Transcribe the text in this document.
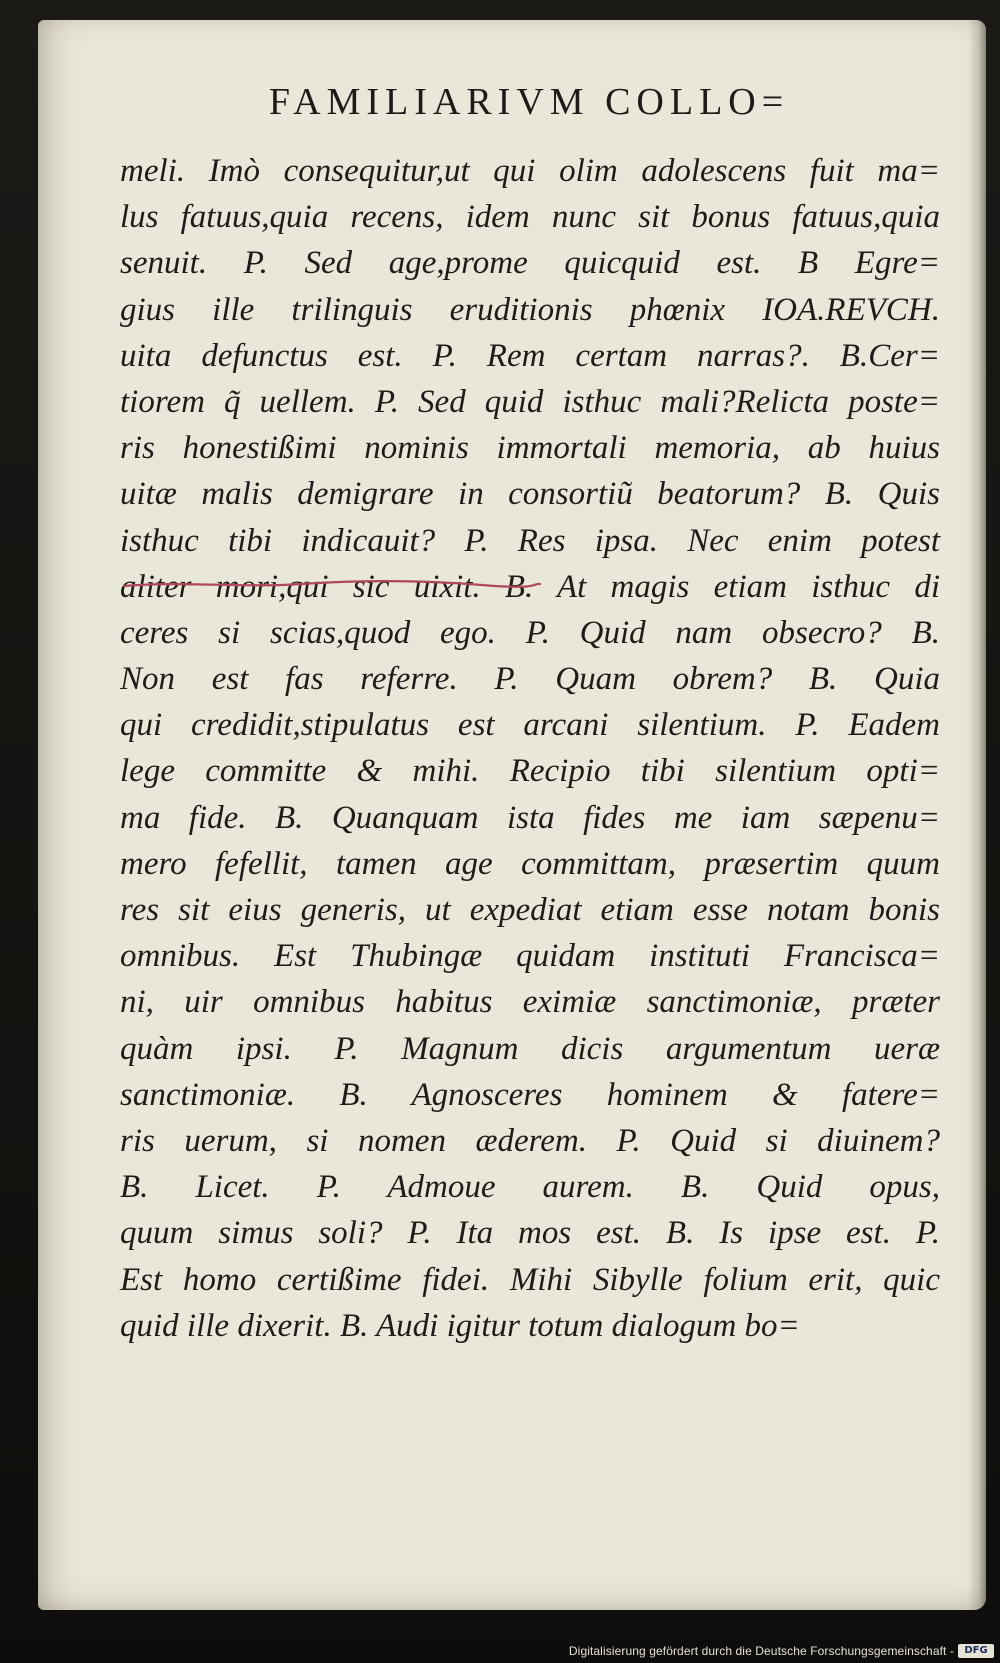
FAMILIARIVM COLLO=
meli. Imò consequitur,ut qui olim adolescens fuit ma=
lus fatuus,quia recens, idem nunc sit bonus fatuus,quia
senuit. P. Sed age,prome quicquid est. B Egre=
gius ille trilinguis eruditionis phœnix IOA.REVCH.
uita defunctus est. P. Rem certam narras?. B.Cer=
tiorem q̃ uellem. P. Sed quid isthuc mali?Relicta poste=
ris honestißimi nominis immortali memoria, ab huius
uitæ malis demigrare in consortiũ beatorum? B. Quis
isthuc tibi indicauit? P. Res ipsa. Nec enim potest
aliter mori,qui sic uixit. B. At magis etiam isthuc di
ceres si scias,quod ego. P. Quid nam obsecro? B.
Non est fas referre. P. Quam obrem? B. Quia
qui credidit,stipulatus est arcani silentium. P. Eadem
lege committe & mihi. Recipio tibi silentium opti=
ma fide. B. Quanquam ista fides me iam sæpenu=
mero fefellit, tamen age committam, præsertim quum
res sit eius generis, ut expediat etiam esse notam bonis
omnibus. Est Thubingæ quidam instituti Francisca=
ni, uir omnibus habitus eximiæ sanctimoniæ, præter
quàm ipsi. P. Magnum dicis argumentum ueræ
sanctimoniæ. B. Agnosceres hominem & fatere=
ris uerum, si nomen æderem. P. Quid si diuinem?
B. Licet. P. Admoue aurem. B. Quid opus,
quum simus soli? P. Ita mos est. B. Is ipse est. P.
Est homo certißime fidei. Mihi Sibylle folium erit, quic
quid ille dixerit. B. Audi igitur totum dialogum bo=
Digitalisierung gefördert durch die Deutsche Forschungsgemeinschaft -	DFG
